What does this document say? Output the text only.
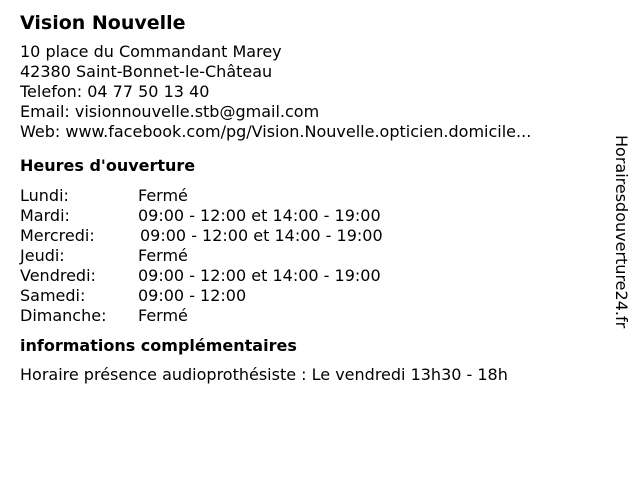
Vision Nouvelle
10 place du Commandant Marey
42380 Saint-Bonnet-le-Château
Telefon: 04 77 50 13 40
Email: visionnouvelle.stb@gmail.com
Web: www.facebook.com/pg/Vision.Nouvelle.opticien.domicile...
Heures d'ouverture
Lundi:	Fermé
Mardi:	09:00 - 12:00 et 14:00 - 19:00
Mercredi:	09:00 - 12:00 et 14:00 - 19:00
Jeudi:	Fermé
Vendredi:	09:00 - 12:00 et 14:00 - 19:00
Samedi:	09:00 - 12:00
Dimanche:	Fermé
informations complémentaires
Horaire présence audioprothésiste : Le vendredi 13h30 - 18h
Horairesdouverture24.fr
